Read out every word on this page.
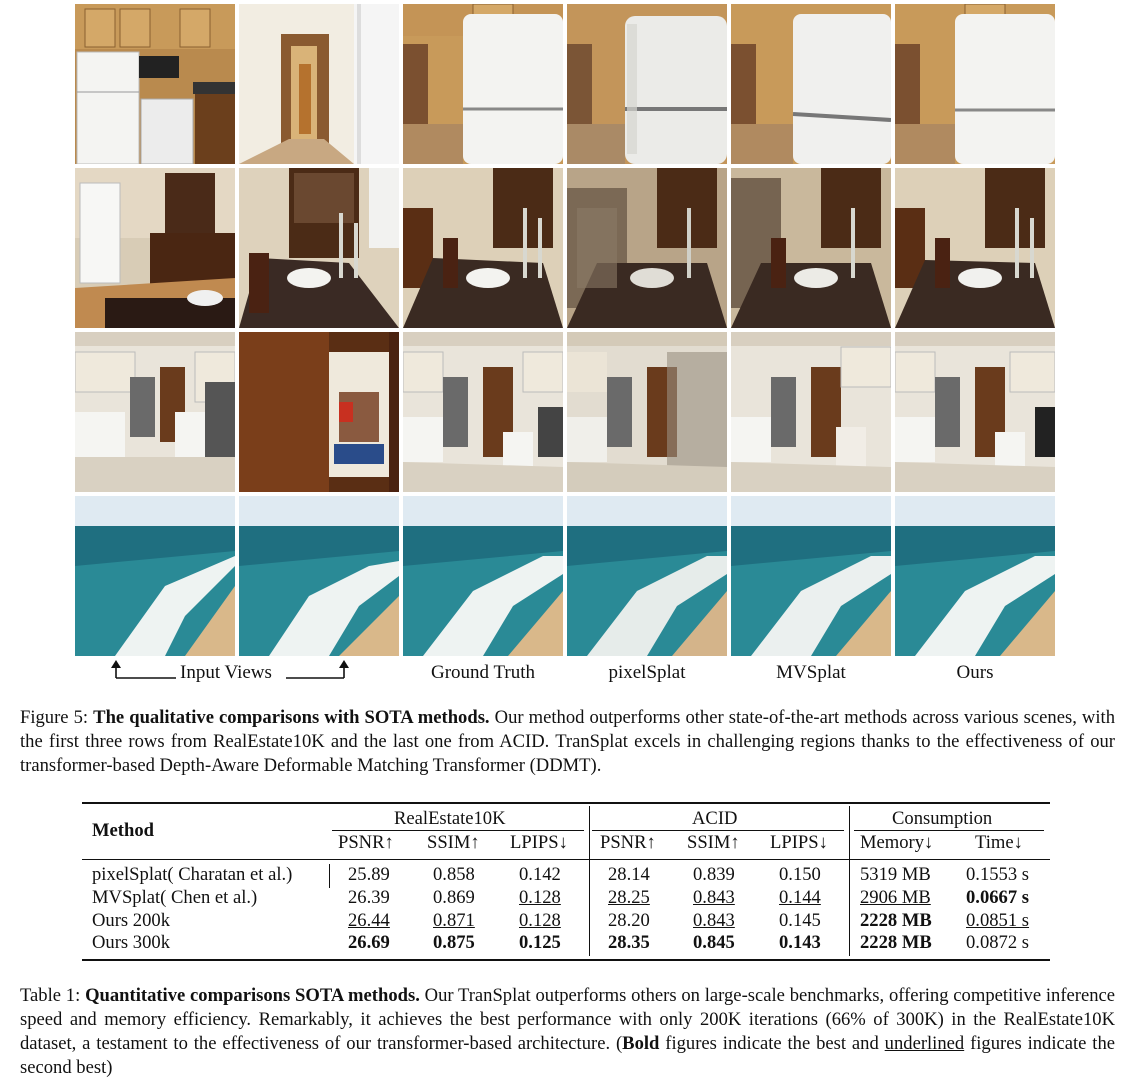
Input Views	Ground Truth	pixelSplat	MVSplat	Ours
Figure 5: The qualitative comparisons with SOTA methods. Our method outperforms other state-of-the-art methods across various scenes, with the first three rows from RealEstate10K and the last one from ACID. TranSplat excels in challenging regions thanks to the effectiveness of our transformer-based Depth-Aware Deformable Matching Transformer (DDMT).
Method
RealEstate10K	ACID	Consumption
PSNR↑ SSIM↑ LPIPS↓ PSNR↑ SSIM↑ LPIPS↓ Memory↓ Time↓
pixelSplat( Charatan et al.)	25.89 0.858 0.142	28.14 0.839 0.150 5319 MB 0.1553 s
MVSplat( Chen et al.)	26.39 0.869 0.128	28.25 0.843 0.144 2906 MB 0.0667 s
Ours 200k	26.44 0.871 0.128	28.20 0.843 0.145 2228 MB 0.0851 s
Ours 300k	26.69 0.875 0.125	28.35 0.845 0.143 2228 MB 0.0872 s
Table 1: Quantitative comparisons SOTA methods. Our TranSplat outperforms others on large-scale benchmarks, offering competitive inference speed and memory efficiency. Remarkably, it achieves the best performance with only 200K iterations (66% of 300K) in the RealEstate10K dataset, a testament to the effectiveness of our transformer-based architecture. (Bold figures indicate the best and underlined figures indicate the second best)
